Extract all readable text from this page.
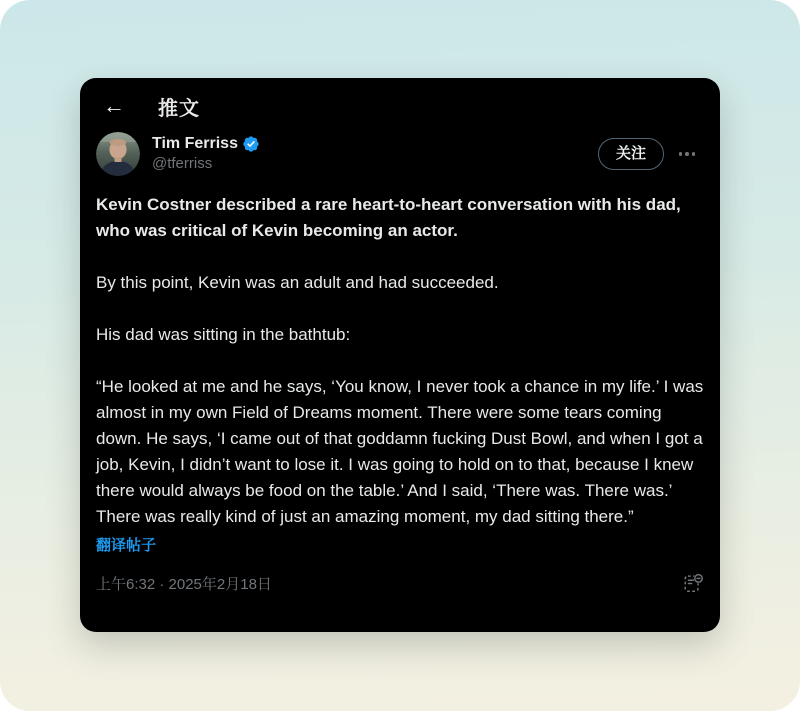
← 推文
Tim Ferriss
@tferriss
关注

Kevin Costner described a rare heart-to-heart conversation with his dad, who was critical of Kevin becoming an actor.

By this point, Kevin was an adult and had succeeded.

His dad was sitting in the bathtub:

“He looked at me and he says, ‘You know, I never took a chance in my life.’ I was almost in my own Field of Dreams moment. There were some tears coming down. He says, ‘I came out of that goddamn fucking Dust Bowl, and when I got a job, Kevin, I didn’t want to lose it. I was going to hold on to that, because I knew there would always be food on the table.’ And I said, ‘There was. There was.’ There was really kind of just an amazing moment, my dad sitting there.”

翻译帖子
上午6:32 · 2025年2月18日
